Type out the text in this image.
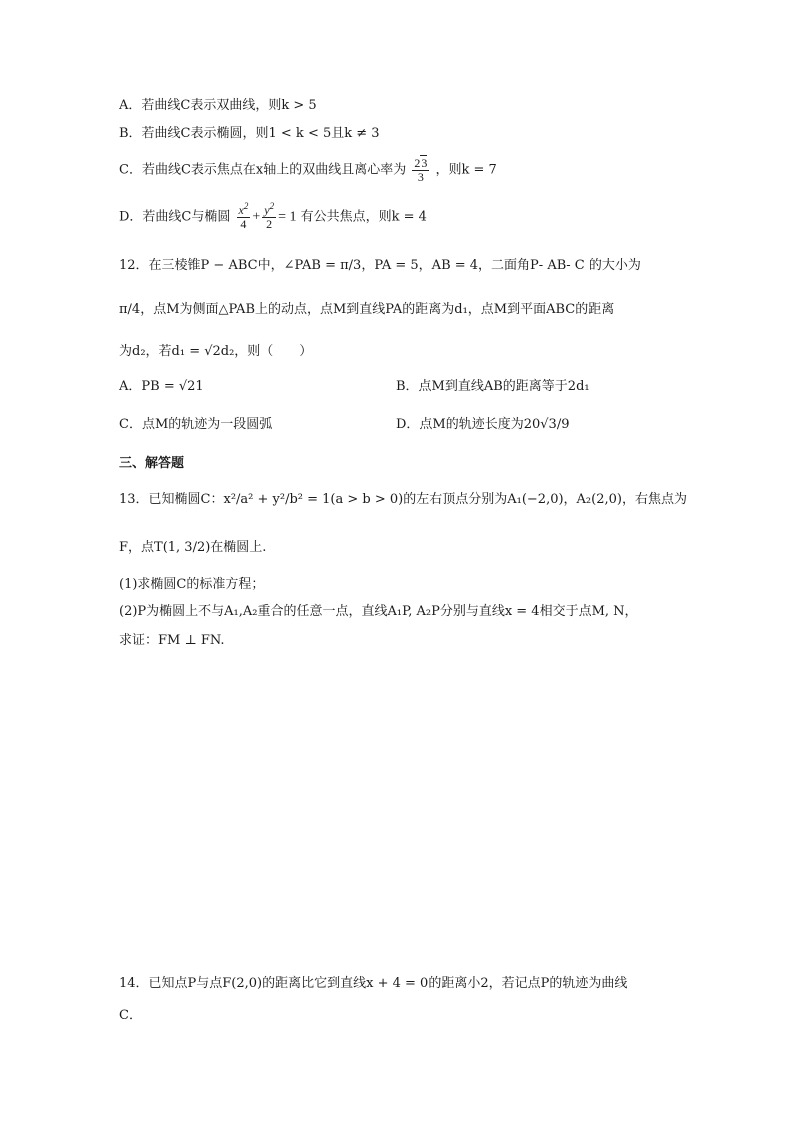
A．若曲线C表示双曲线，则k > 5
B．若曲线C表示椭圆，则1 < k < 5且k ≠ 3
C．若曲线C表示焦点在x轴上的双曲线且离心率为 $\frac{23}{3}$ ，则k = 7
D．若曲线C与椭圆 $\frac{x^2}{4} + \frac{y^2}{2} = 1$ 有公共焦点，则k = 4
12．在三棱锥P − ABC中，∠PAB = π/3，PA = 5，AB = 4，二面角P‐ AB‐ C 的大小为
π/4，点M为侧面△PAB上的动点，点M到直线PA的距离为d₁，点M到平面ABC的距离
为d₂，若d₁ = √2d₂，则（　　）
A．PB = √21	B．点M到直线AB的距离等于2d₁
C．点M的轨迹为一段圆弧	D．点M的轨迹长度为20√3/9
三、解答题
13．已知椭圆C：x²/a² + y²/b² = 1(a > b > 0)的左右顶点分别为A₁(−2,0)，A₂(2,0)，右焦点为
F，点T(1, 3/2)在椭圆上.
(1)求椭圆C的标准方程；
(2)P为椭圆上不与A₁,A₂重合的任意一点，直线A₁P, A₂P分别与直线x = 4相交于点M, N，
求证：FM ⊥ FN.
14．已知点P与点F(2,0)的距离比它到直线x + 4 = 0的距离小2，若记点P的轨迹为曲线
C．
